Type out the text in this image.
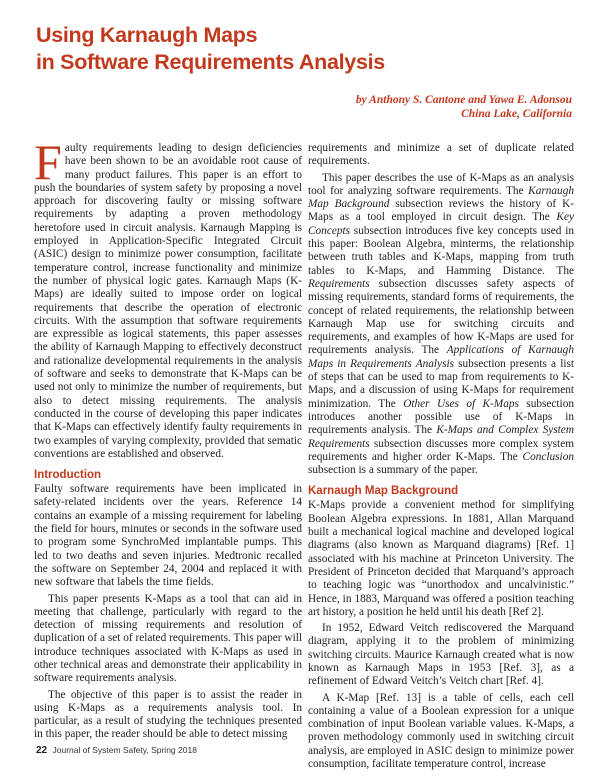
Using Karnaugh Maps
in Software Requirements Analysis
by Anthony S. Cantone and Yawa E. Adonsou
China Lake, California
Faulty requirements leading to design deficiencies have been shown to be an avoidable root cause of many product failures. This paper is an effort to push the boundaries of system safety by proposing a novel approach for discovering faulty or missing software requirements by adapting a proven methodology heretofore used in circuit analysis. Karnaugh Mapping is employed in Application-Specific Integrated Circuit (ASIC) design to minimize power consumption, facilitate temperature control, increase functionality and minimize the number of physical logic gates. Karnaugh Maps (K-Maps) are ideally suited to impose order on logical requirements that describe the operation of electronic circuits. With the assumption that software requirements are expressible as logical statements, this paper assesses the ability of Karnaugh Mapping to effectively deconstruct and rationalize developmental requirements in the analysis of software and seeks to demonstrate that K-Maps can be used not only to minimize the number of requirements, but also to detect missing requirements. The analysis conducted in the course of developing this paper indicates that K-Maps can effectively identify faulty requirements in two examples of varying complexity, provided that sematic conventions are established and observed.
Introduction

Faulty software requirements have been implicated in safety-related incidents over the years. Reference 14 contains an example of a missing requirement for labeling the field for hours, minutes or seconds in the software used to program some SynchroMed implantable pumps. This led to two deaths and seven injuries. Medtronic recalled the software on September 24, 2004 and replaced it with new software that labels the time fields.

This paper presents K-Maps as a tool that can aid in meeting that challenge, particularly with regard to the detection of missing requirements and resolution of duplication of a set of related requirements. This paper will introduce techniques associated with K-Maps as used in other technical areas and demonstrate their applicability in software requirements analysis.

The objective of this paper is to assist the reader in using K-Maps as a requirements analysis tool. In particular, as a result of studying the techniques presented in this paper, the reader should be able to detect missing

requirements and minimize a set of duplicate related requirements.

This paper describes the use of K-Maps as an analysis tool for analyzing software requirements. The Karnaugh Map Background subsection reviews the history of K-Maps as a tool employed in circuit design. The Key Concepts subsection introduces five key concepts used in this paper: Boolean Algebra, minterms, the relationship between truth tables and K-Maps, mapping from truth tables to K-Maps, and Hamming Distance. The Requirements subsection discusses safety aspects of missing requirements, standard forms of requirements, the concept of related requirements, the relationship between Karnaugh Map use for switching circuits and requirements, and examples of how K-Maps are used for requirements analysis. The Applications of Karnaugh Maps in Requirements Analysis subsection presents a list of steps that can be used to map from requirements to K-Maps, and a discussion of using K-Maps for requirement minimization. The Other Uses of K-Maps subsection introduces another possible use of K-Maps in requirements analysis. The K-Maps and Complex System Requirements subsection discusses more complex system requirements and higher order K-Maps. The Conclusion subsection is a summary of the paper.

Karnaugh Map Background

K-Maps provide a convenient method for simplifying Boolean Algebra expressions. In 1881, Allan Marquand built a mechanical logical machine and developed logical diagrams (also known as Marquand diagrams) [Ref. 1] associated with his machine at Princeton University. The President of Princeton decided that Marquand’s approach to teaching logic was “unorthodox and uncalvinistic.” Hence, in 1883, Marquand was offered a position teaching art history, a position he held until his death [Ref 2].

In 1952, Edward Veitch rediscovered the Marquand diagram, applying it to the problem of minimizing switching circuits. Maurice Karnaugh created what is now known as Karnaugh Maps in 1953 [Ref. 3], as a refinement of Edward Veitch’s Veitch chart [Ref. 4].

A K-Map [Ref. 13] is a table of cells, each cell containing a value of a Boolean expression for a unique combination of input Boolean variable values. K-Maps, a proven methodology commonly used in switching circuit analysis, are employed in ASIC design to minimize power consumption, facilitate temperature control, increase

22 Journal of System Safety, Spring 2018
